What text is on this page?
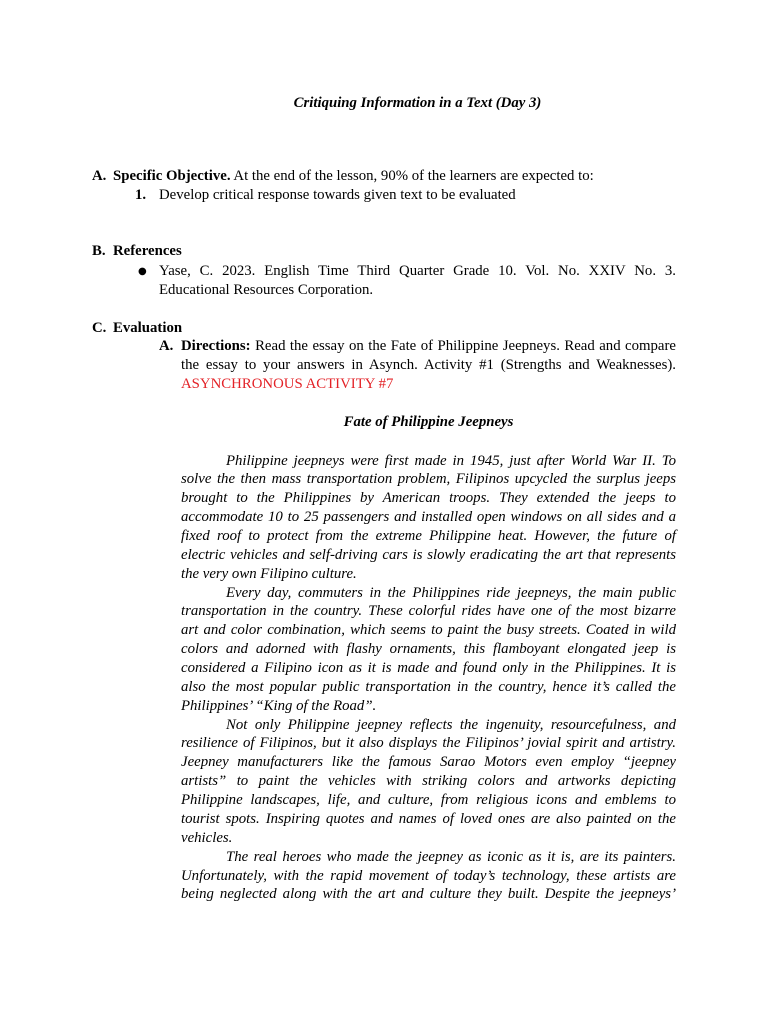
Critiquing Information in a Text (Day 3)
A. Specific Objective. At the end of the lesson, 90% of the learners are expected to:
1. Develop critical response towards given text to be evaluated
B. References
● Yase, C. 2023. English Time Third Quarter Grade 10. Vol. No. XXIV No. 3.
Educational Resources Corporation.
C. Evaluation
A. Directions: Read the essay on the Fate of Philippine Jeepneys. Read and compare
the essay to your answers in Asynch. Activity #1 (Strengths and Weaknesses).
ASYNCHRONOUS ACTIVITY #7
Fate of Philippine Jeepneys
Philippine jeepneys were first made in 1945, just after World War II. To
solve the then mass transportation problem, Filipinos upcycled the surplus jeeps
brought to the Philippines by American troops. They extended the jeeps to
accommodate 10 to 25 passengers and installed open windows on all sides and a
fixed roof to protect from the extreme Philippine heat. However, the future of
electric vehicles and self-driving cars is slowly eradicating the art that represents
the very own Filipino culture.
Every day, commuters in the Philippines ride jeepneys, the main public
transportation in the country. These colorful rides have one of the most bizarre
art and color combination, which seems to paint the busy streets. Coated in wild
colors and adorned with flashy ornaments, this flamboyant elongated jeep is
considered a Filipino icon as it is made and found only in the Philippines. It is
also the most popular public transportation in the country, hence it’s called the
Philippines’ “King of the Road”.
Not only Philippine jeepney reflects the ingenuity, resourcefulness, and
resilience of Filipinos, but it also displays the Filipinos’ jovial spirit and artistry.
Jeepney manufacturers like the famous Sarao Motors even employ “jeepney
artists” to paint the vehicles with striking colors and artworks depicting
Philippine landscapes, life, and culture, from religious icons and emblems to
tourist spots. Inspiring quotes and names of loved ones are also painted on the
vehicles.
The real heroes who made the jeepney as iconic as it is, are its painters.
Unfortunately, with the rapid movement of today’s technology, these artists are
being neglected along with the art and culture they built. Despite the jeepneys’
